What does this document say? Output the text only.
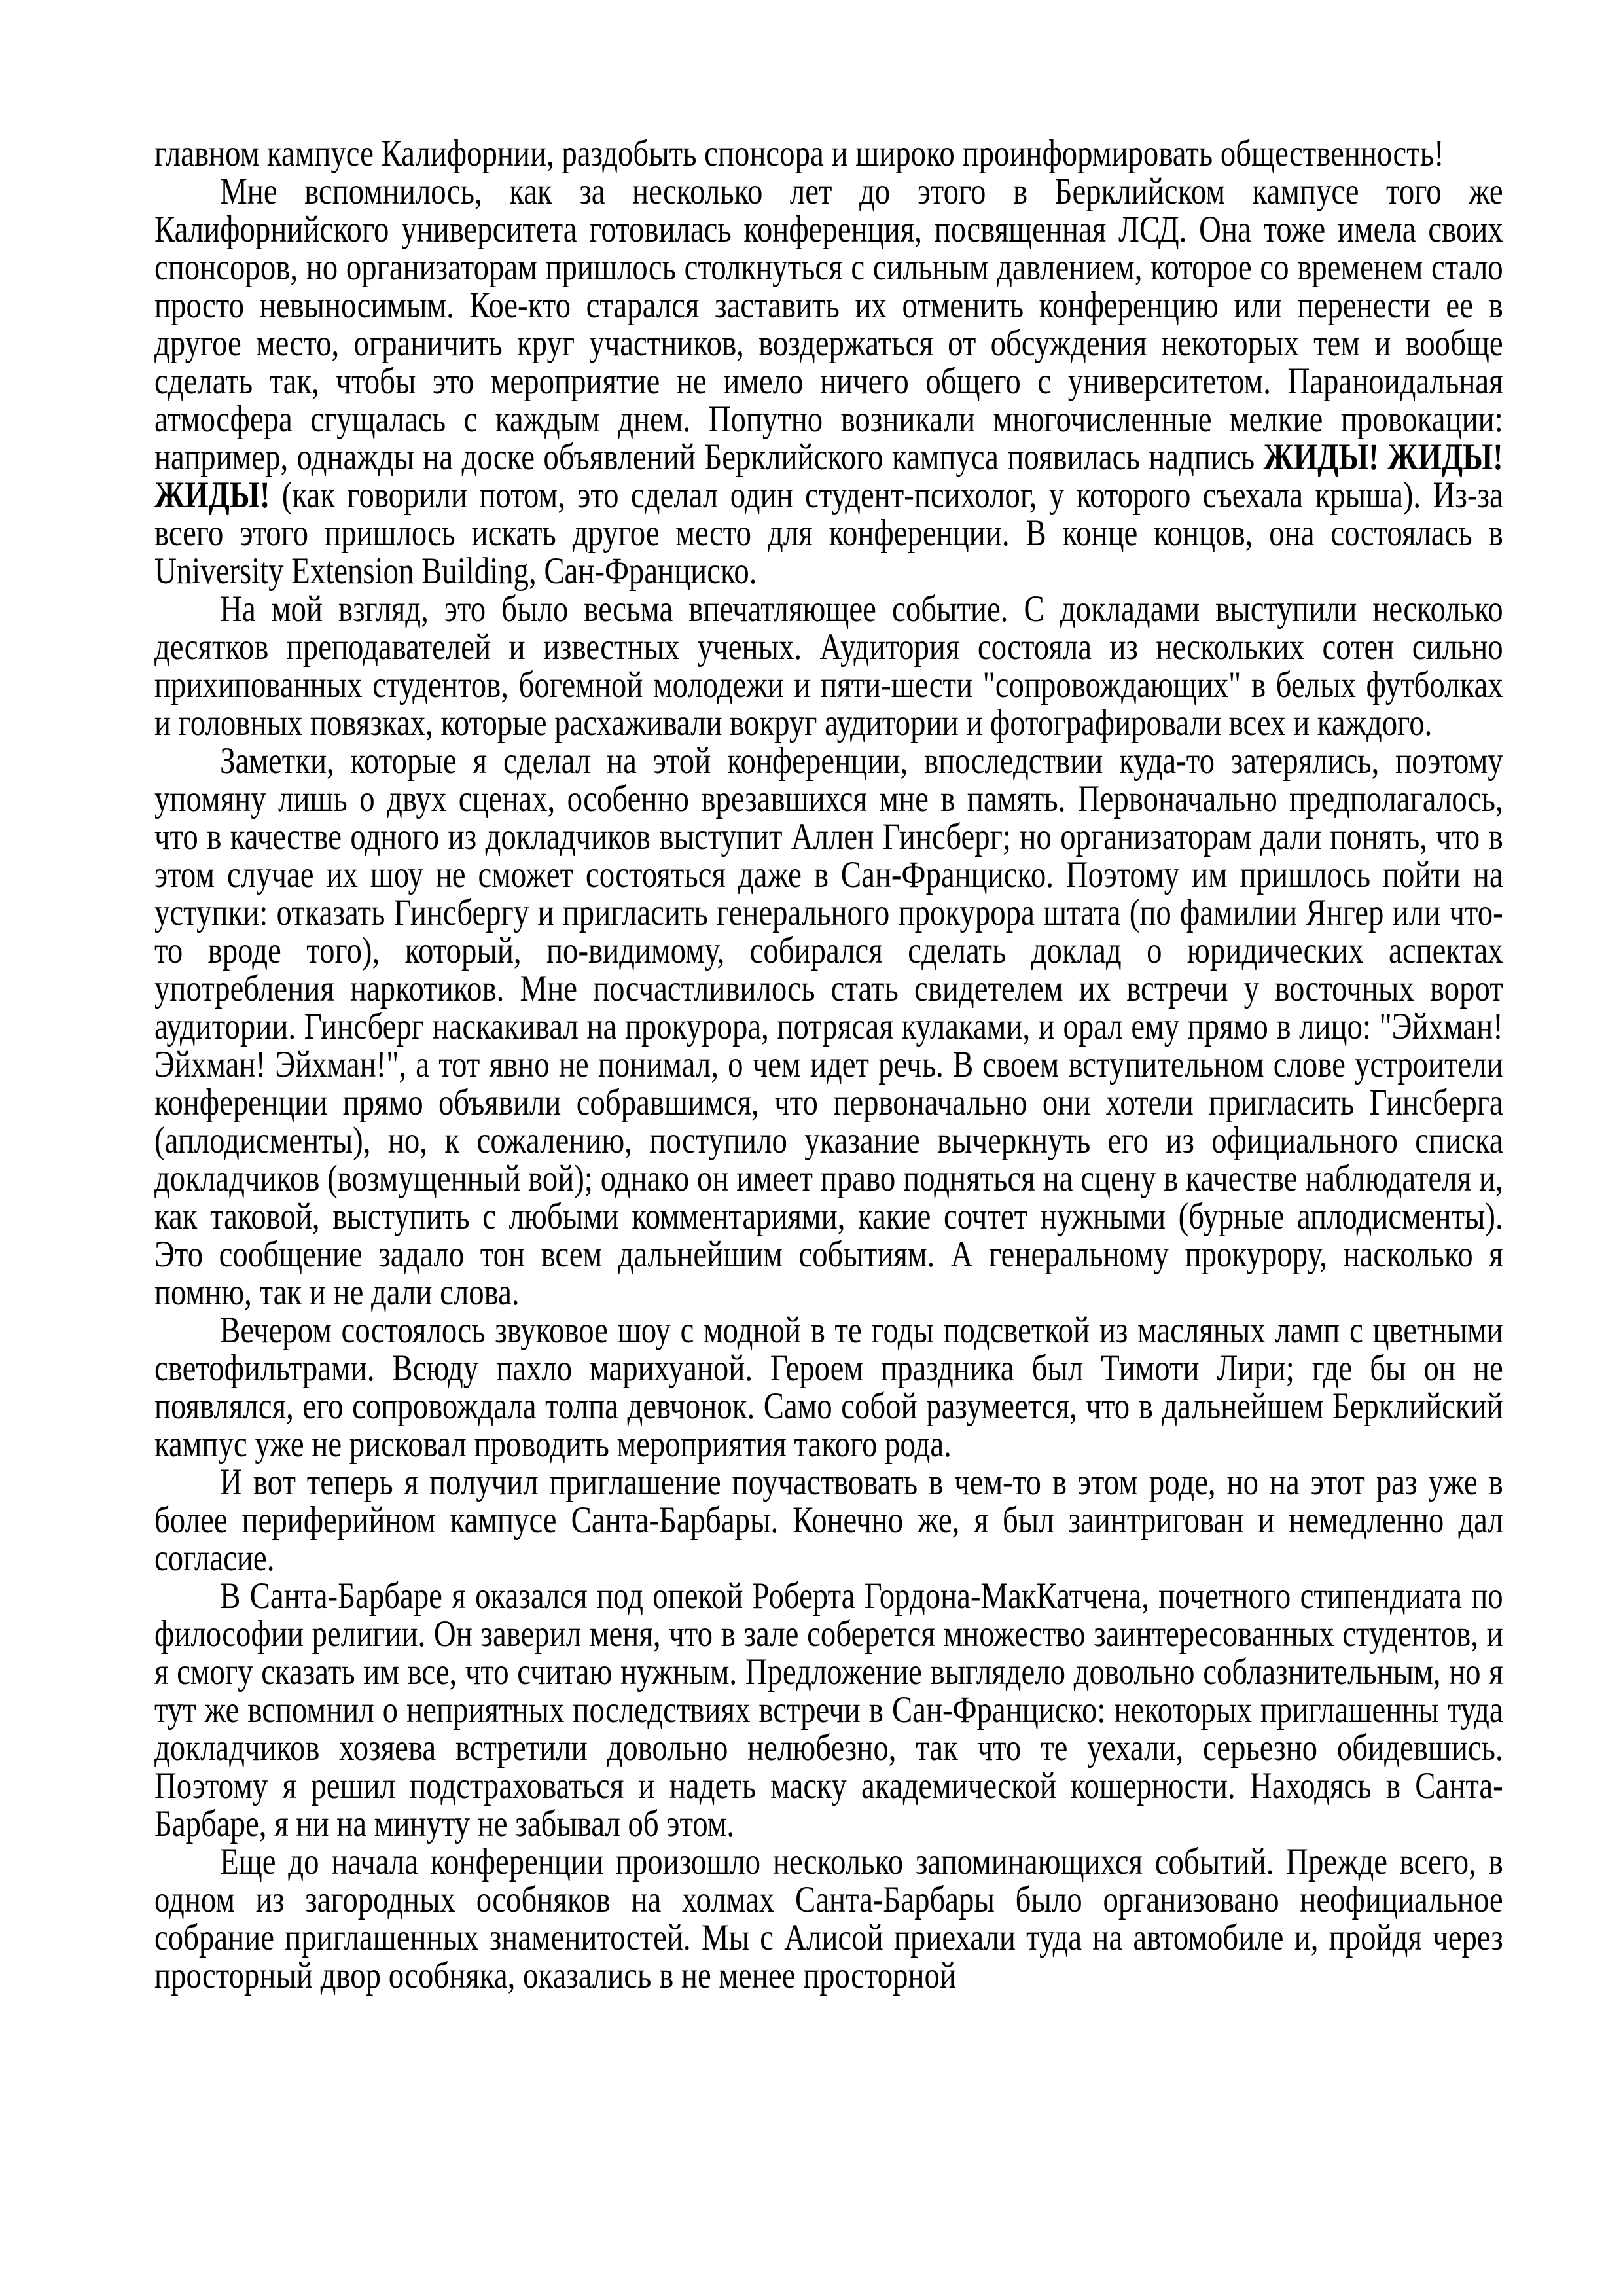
главном кампусе Калифорнии, раздобыть спонсора и широко проинформировать общественность!

Мне вспомнилось, как за несколько лет до этого в Берклийском кампусе того же Калифорнийского университета готовилась конференция, посвященная ЛСД. Она тоже имела своих спонсоров, но организаторам пришлось столкнуться с сильным давлением, которое со временем стало просто невыносимым. Кое-кто старался заставить их отменить конференцию или перенести ее в другое место, ограничить круг участников, воздержаться от обсуждения некоторых тем и вообще сделать так, чтобы это мероприятие не имело ничего общего с университетом. Параноидальная атмосфера сгущалась с каждым днем. Попутно возникали многочисленные мелкие провокации: например, однажды на доске объявлений Берклийского кампуса появилась надпись ЖИДЫ! ЖИДЫ! ЖИДЫ! (как говорили потом, это сделал один студент-психолог, у которого съехала крыша). Из-за всего этого пришлось искать другое место для конференции. В конце концов, она состоялась в University Extension Building, Сан-Франциско.

На мой взгляд, это было весьма впечатляющее событие. С докладами выступили несколько десятков преподавателей и известных ученых. Аудитория состояла из нескольких сотен сильно прихипованных студентов, богемной молодежи и пяти-шести "сопровождающих" в белых футболках и головных повязках, которые расхаживали вокруг аудитории и фотографировали всех и каждого.

Заметки, которые я сделал на этой конференции, впоследствии куда-то затерялись, поэтому упомяну лишь о двух сценах, особенно врезавшихся мне в память. Первоначально предполагалось, что в качестве одного из докладчиков выступит Аллен Гинсберг; но организаторам дали понять, что в этом случае их шоу не сможет состояться даже в Сан-Франциско. Поэтому им пришлось пойти на уступки: отказать Гинсбергу и пригласить генерального прокурора штата (по фамилии Янгер или что-то вроде того), который, по-видимому, собирался сделать доклад о юридических аспектах употребления наркотиков. Мне посчастливилось стать свидетелем их встречи у восточных ворот аудитории. Гинсберг наскакивал на прокурора, потрясая кулаками, и орал ему прямо в лицо: "Эйхман! Эйхман! Эйхман!", а тот явно не понимал, о чем идет речь. В своем вступительном слове устроители конференции прямо объявили собравшимся, что первоначально они хотели пригласить Гинсберга (аплодисменты), но, к сожалению, поступило указание вычеркнуть его из официального списка докладчиков (возмущенный вой); однако он имеет право подняться на сцену в качестве наблюдателя и, как таковой, выступить с любыми комментариями, какие сочтет нужными (бурные аплодисменты). Это сообщение задало тон всем дальнейшим событиям. А генеральному прокурору, насколько я помню, так и не дали слова.

Вечером состоялось звуковое шоу с модной в те годы подсветкой из масляных ламп с цветными светофильтрами. Всюду пахло марихуаной. Героем праздника был Тимоти Лири; где бы он не появлялся, его сопровождала толпа девчонок. Само собой разумеется, что в дальнейшем Берклийский кампус уже не рисковал проводить мероприятия такого рода.

И вот теперь я получил приглашение поучаствовать в чем-то в этом роде, но на этот раз уже в более периферийном кампусе Санта-Барбары. Конечно же, я был заинтригован и немедленно дал согласие.

В Санта-Барбаре я оказался под опекой Роберта Гордона-МакКатчена, почетного стипендиата по философии религии. Он заверил меня, что в зале соберется множество заинтересованных студентов, и я смогу сказать им все, что считаю нужным. Предложение выглядело довольно соблазнительным, но я тут же вспомнил о неприятных последствиях встречи в Сан-Франциско: некоторых приглашенны туда докладчиков хозяева встретили довольно нелюбезно, так что те уехали, серьезно обидевшись. Поэтому я решил подстраховаться и надеть маску академической кошерности. Находясь в Санта-Барбаре, я ни на минуту не забывал об этом.

Еще до начала конференции произошло несколько запоминающихся событий. Прежде всего, в одном из загородных особняков на холмах Санта-Барбары было организовано неофициальное собрание приглашенных знаменитостей. Мы с Алисой приехали туда на автомобиле и, пройдя через просторный двор особняка, оказались в не менее просторной
